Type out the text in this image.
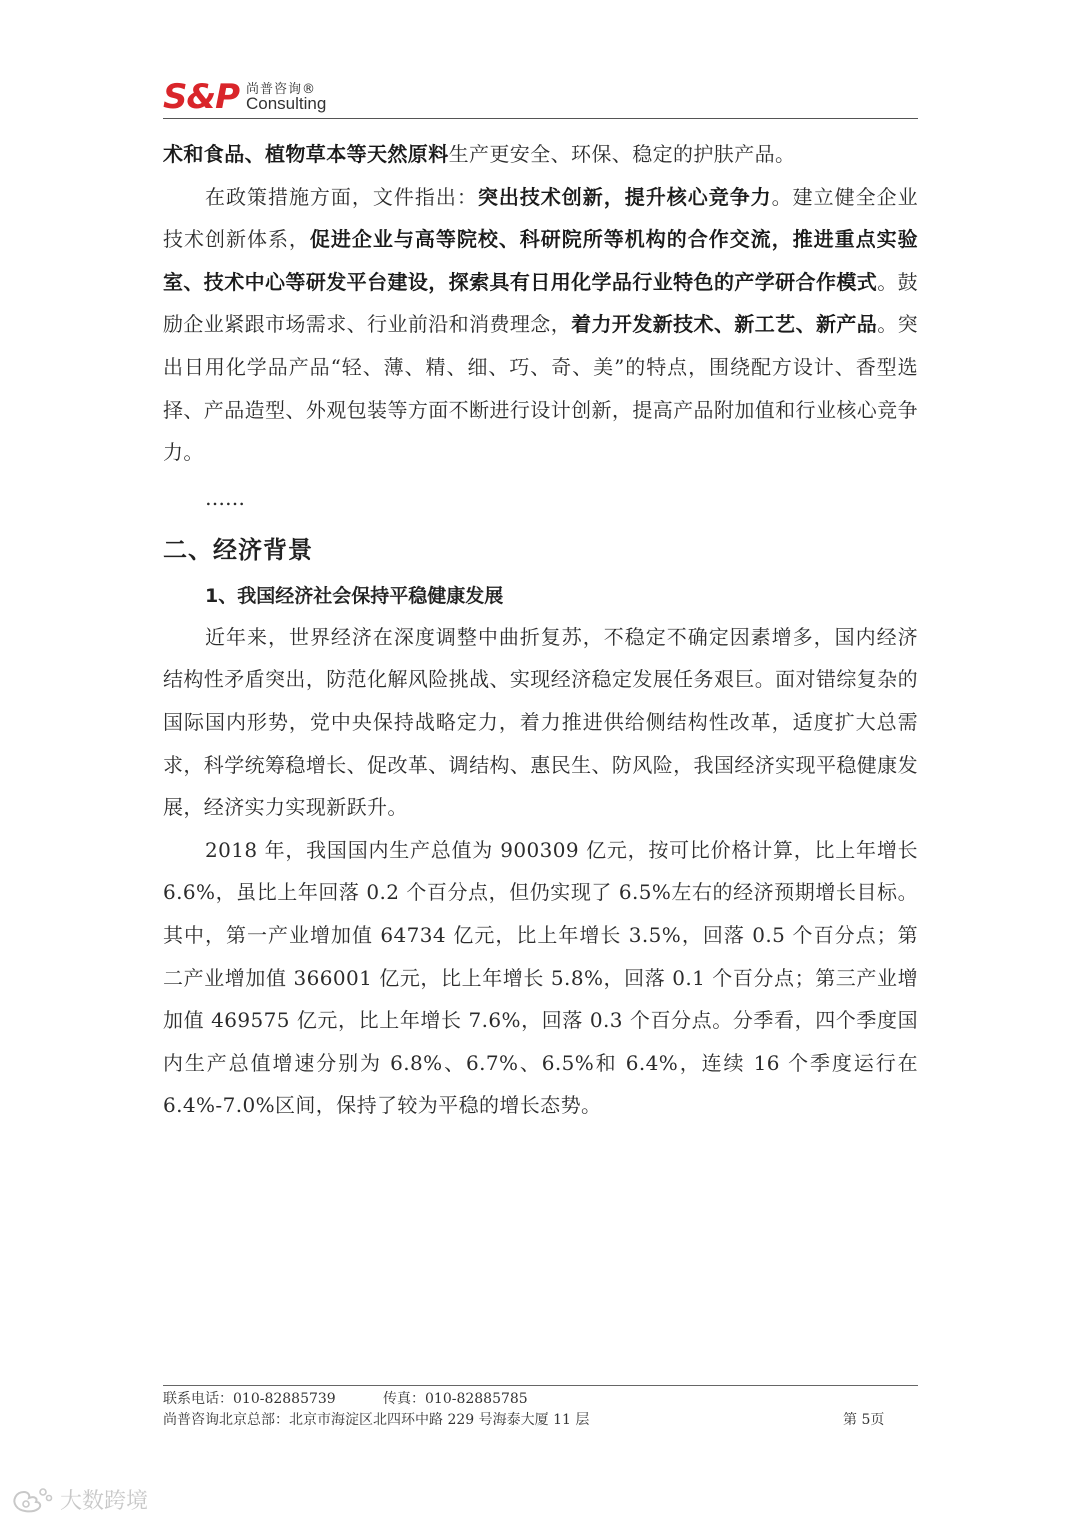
S&P 尚普咨询®
Consulting

术和食品、植物草本等天然原料生产更安全、环保、稳定的护肤产品。

在政策措施方面，文件指出：突出技术创新，提升核心竞争力。建立健全企业技术创新体系，促进企业与高等院校、科研院所等机构的合作交流，推进重点实验室、技术中心等研发平台建设，探索具有日用化学品行业特色的产学研合作模式。鼓励企业紧跟市场需求、行业前沿和消费理念，着力开发新技术、新工艺、新产品。突出日用化学品产品“轻、薄、精、细、巧、奇、美”的特点，围绕配方设计、香型选择、产品造型、外观包装等方面不断进行设计创新，提高产品附加值和行业核心竞争力。

……

二、经济背景
1、我国经济社会保持平稳健康发展

近年来，世界经济在深度调整中曲折复苏，不稳定不确定因素增多，国内经济结构性矛盾突出，防范化解风险挑战、实现经济稳定发展任务艰巨。面对错综复杂的国际国内形势，党中央保持战略定力，着力推进供给侧结构性改革，适度扩大总需求，科学统筹稳增长、促改革、调结构、惠民生、防风险，我国经济实现平稳健康发展，经济实力实现新跃升。

2018 年，我国国内生产总值为 900309 亿元，按可比价格计算，比上年增长 6.6%，虽比上年回落 0.2 个百分点，但仍实现了 6.5%左右的经济预期增长目标。其中，第一产业增加值 64734 亿元，比上年增长 3.5%，回落 0.5 个百分点；第二产业增加值 366001 亿元，比上年增长 5.8%，回落 0.1 个百分点；第三产业增加值 469575 亿元，比上年增长 7.6%，回落 0.3 个百分点。分季看，四个季度国内生产总值增速分别为 6.8%、6.7%、6.5%和 6.4%，连续 16 个季度运行在 6.4%-7.0%区间，保持了较为平稳的增长态势。

联系电话：010-82885739	传真：010-82885785
尚普咨询北京总部：北京市海淀区北四环中路 229 号海泰大厦 11 层	第 5页
大数跨境
